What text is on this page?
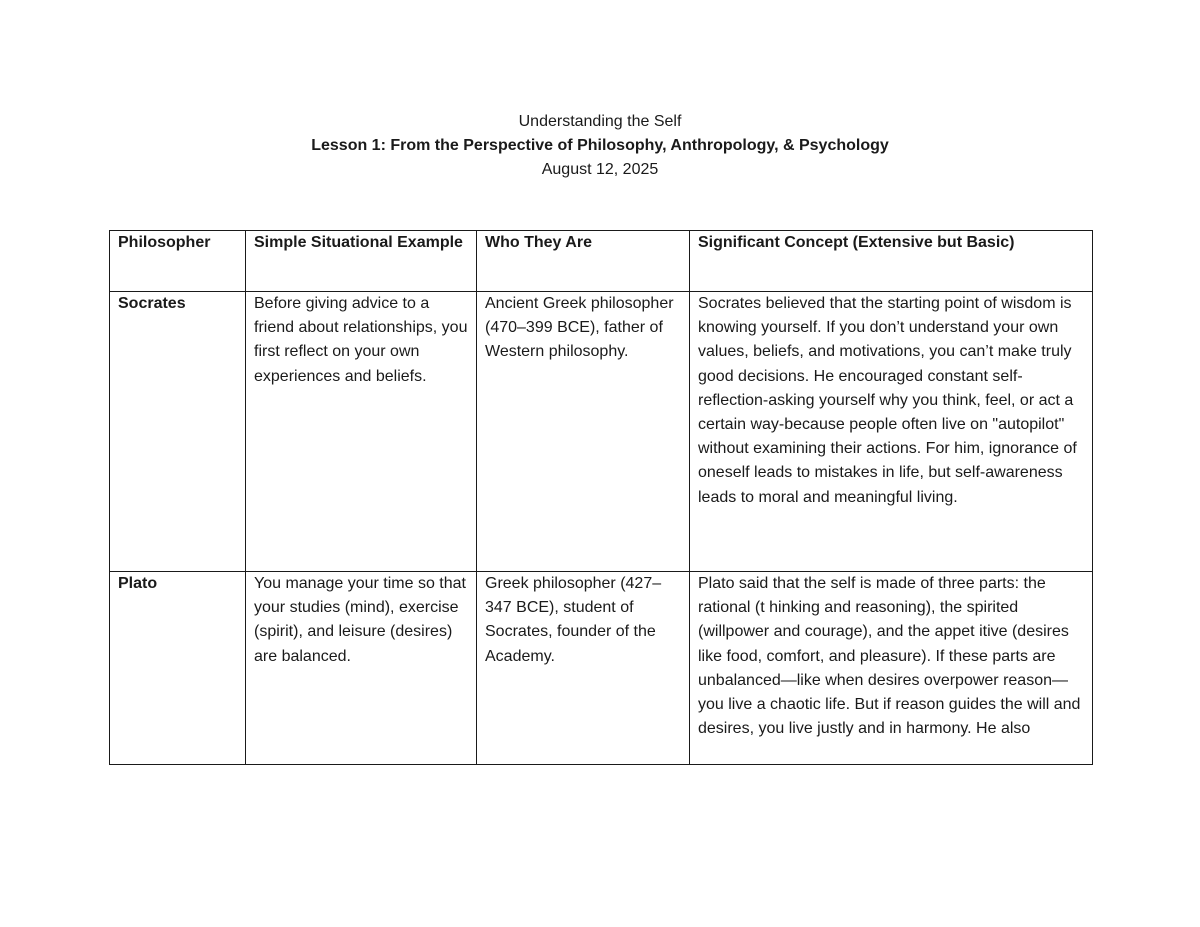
Understanding the Self
Lesson 1: From the Perspective of Philosophy, Anthropology, & Psychology
August 12, 2025
Philosopher	Simple Situational Example	Who They Are	Significant Concept (Extensive but Basic)
Socrates	Before giving advice to a friend about relationships, you first reflect on your own experiences and beliefs.	Ancient Greek philosopher (470–399 BCE), father of Western philosophy.	Socrates believed that the starting point of wisdom is knowing yourself. If you don’t understand your own values, beliefs, and motivations, you can’t make truly good decisions. He encouraged constant self-reflection-asking yourself why you think, feel, or act a certain way-because people often live on "autopilot" without examining their actions. For him, ignorance of oneself leads to mistakes in life, but self-awareness leads to moral and meaningful living.
Plato	You manage your time so that your studies (mind), exercise (spirit), and leisure (desires) are balanced.	Greek philosopher (427–347 BCE), student of Socrates, founder of the Academy.	Plato said that the self is made of three parts: the rational (t hinking and reasoning), the spirited (willpower and courage), and the appet itive (desires like food, comfort, and pleasure). If these parts are unbalanced—like when desires overpower reason—you live a chaotic life. But if reason guides the will and desires, you live justly and in harmony. He also
